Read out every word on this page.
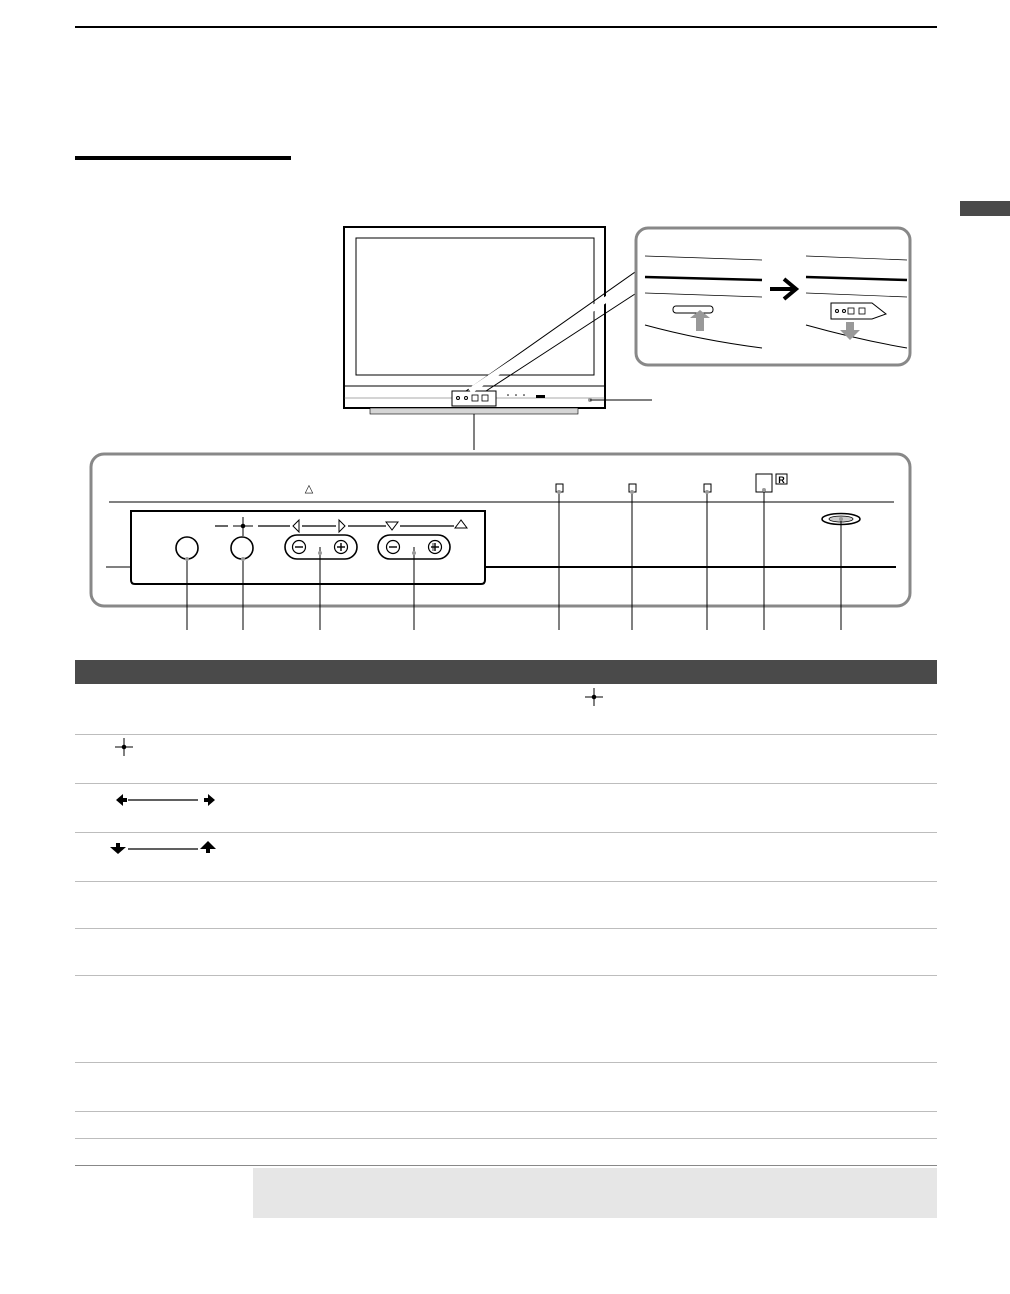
△
R
